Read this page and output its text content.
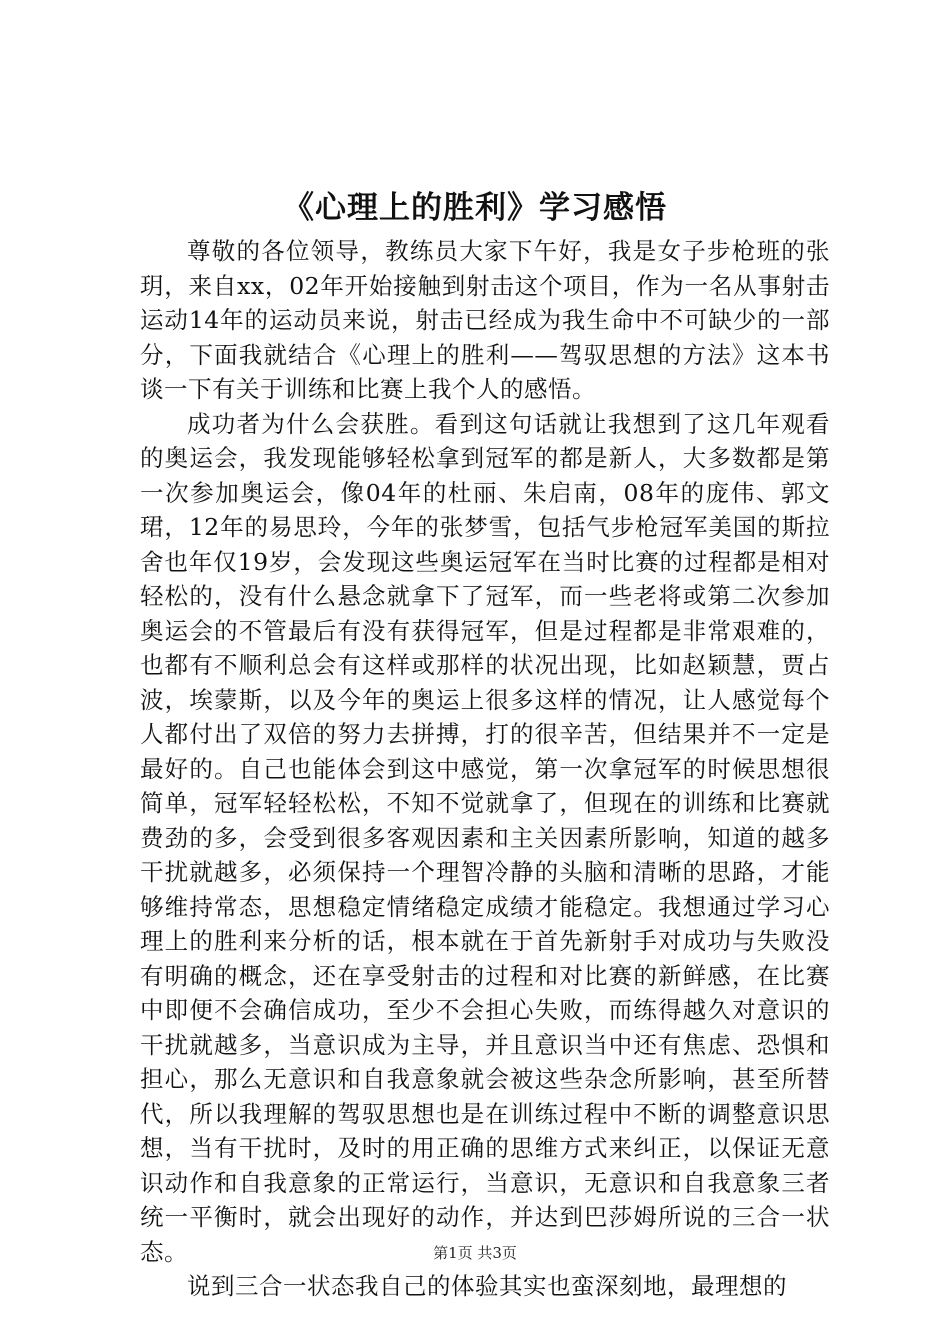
《心理上的胜利》学习感悟

尊敬的各位领导，教练员大家下午好，我是女子步枪班的张玥，来自xx，02年开始接触到射击这个项目，作为一名从事射击运动14年的运动员来说，射击已经成为我生命中不可缺少的一部分，下面我就结合《心理上的胜利——驾驭思想的方法》这本书谈一下有关于训练和比赛上我个人的感悟。

成功者为什么会获胜。看到这句话就让我想到了这几年观看的奥运会，我发现能够轻松拿到冠军的都是新人，大多数都是第一次参加奥运会，像04年的杜丽、朱启南，08年的庞伟、郭文珺，12年的易思玲，今年的张梦雪，包括气步枪冠军美国的斯拉舍也年仅19岁，会发现这些奥运冠军在当时比赛的过程都是相对轻松的，没有什么悬念就拿下了冠军，而一些老将或第二次参加奥运会的不管最后有没有获得冠军，但是过程都是非常艰难的，也都有不顺利总会有这样或那样的状况出现，比如赵颖慧，贾占波，埃蒙斯，以及今年的奥运上很多这样的情况，让人感觉每个人都付出了双倍的努力去拼搏，打的很辛苦，但结果并不一定是最好的。自己也能体会到这中感觉，第一次拿冠军的时候思想很简单，冠军轻轻松松，不知不觉就拿了，但现在的训练和比赛就费劲的多，会受到很多客观因素和主关因素所影响，知道的越多干扰就越多，必须保持一个理智冷静的头脑和清晰的思路，才能够维持常态，思想稳定情绪稳定成绩才能稳定。我想通过学习心理上的胜利来分析的话，根本就在于首先新射手对成功与失败没有明确的概念，还在享受射击的过程和对比赛的新鲜感，在比赛中即便不会确信成功，至少不会担心失败，而练得越久对意识的干扰就越多，当意识成为主导，并且意识当中还有焦虑、恐惧和担心，那么无意识和自我意象就会被这些杂念所影响，甚至所替代，所以我理解的驾驭思想也是在训练过程中不断的调整意识思想，当有干扰时，及时的用正确的思维方式来纠正，以保证无意识动作和自我意象的正常运行，当意识，无意识和自我意象三者统一平衡时，就会出现好的动作，并达到巴莎姆所说的三合一状态。

说到三合一状态我自己的体验其实也蛮深刻地，最理想的

第1页 共3页
